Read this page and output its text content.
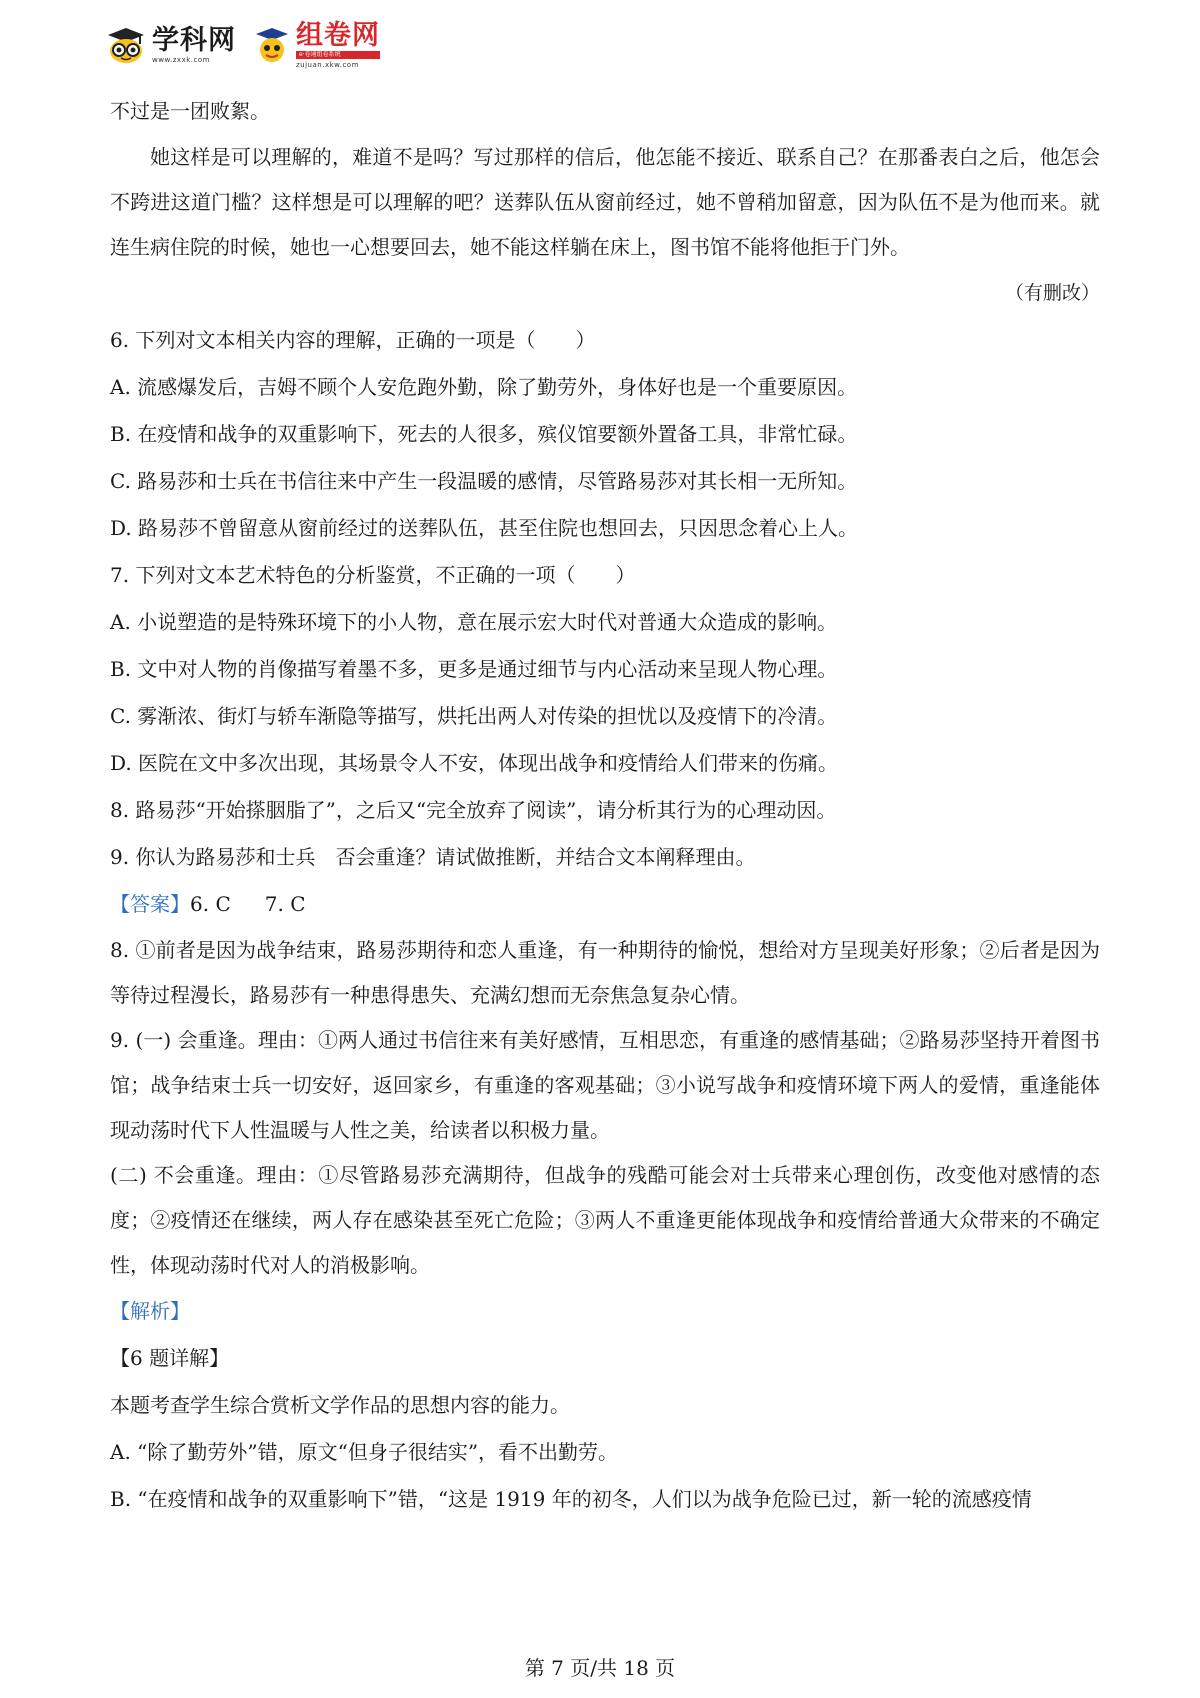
学科网
www.zxxk.com
组卷网
e·卷通组卷系统
zujuan.xkw.com
不过是一团败絮。
她这样是可以理解的，难道不是吗？写过那样的信后，他怎能不接近、联系自己？在那番表白之后，他怎会不跨进这道门槛？这样想是可以理解的吧？送葬队伍从窗前经过，她不曾稍加留意，因为队伍不是为他而来。就连生病住院的时候，她也一心想要回去，她不能这样躺在床上，图书馆不能将他拒于门外。
（有删改）
6. 下列对文本相关内容的理解，正确的一项是（　　）
A. 流感爆发后，吉姆不顾个人安危跑外勤，除了勤劳外，身体好也是一个重要原因。
B. 在疫情和战争的双重影响下，死去的人很多，殡仪馆要额外置备工具，非常忙碌。
C. 路易莎和士兵在书信往来中产生一段温暖的感情，尽管路易莎对其长相一无所知。
D. 路易莎不曾留意从窗前经过的送葬队伍，甚至住院也想回去，只因思念着心上人。
7. 下列对文本艺术特色的分析鉴赏，不正确的一项（　　）
A. 小说塑造的是特殊环境下的小人物，意在展示宏大时代对普通大众造成的影响。
B. 文中对人物的肖像描写着墨不多，更多是通过细节与内心活动来呈现人物心理。
C. 雾渐浓、街灯与轿车渐隐等描写，烘托出两人对传染的担忧以及疫情下的冷清。
D. 医院在文中多次出现，其场景令人不安，体现出战争和疫情给人们带来的伤痛。
8. 路易莎“开始搽胭脂了”，之后又“完全放弃了阅读”，请分析其行为的心理动因。
9. 你认为路易莎和士兵　否会重逢？请试做推断，并结合文本阐释理由。
【答案】6. C 7. C
8. ①前者是因为战争结束，路易莎期待和恋人重逢，有一种期待的愉悦，想给对方呈现美好形象；②后者是因为等待过程漫长，路易莎有一种患得患失、充满幻想而无奈焦急复杂心情。
9. (一) 会重逢。理由：①两人通过书信往来有美好感情，互相思恋，有重逢的感情基础；②路易莎坚持开着图书馆；战争结束士兵一切安好，返回家乡，有重逢的客观基础；③小说写战争和疫情环境下两人的爱情，重逢能体现动荡时代下人性温暖与人性之美，给读者以积极力量。
(二) 不会重逢。理由：①尽管路易莎充满期待，但战争的残酷可能会对士兵带来心理创伤，改变他对感情的态度；②疫情还在继续，两人存在感染甚至死亡危险；③两人不重逢更能体现战争和疫情给普通大众带来的不确定性，体现动荡时代对人的消极影响。
【解析】
【6 题详解】
本题考查学生综合赏析文学作品的思想内容的能力。
A. “除了勤劳外”错，原文“但身子很结实”，看不出勤劳。
B. “在疫情和战争的双重影响下”错，“这是 1919 年的初冬，人们以为战争危险已过，新一轮的流感疫情
第 7 页/共 18 页
